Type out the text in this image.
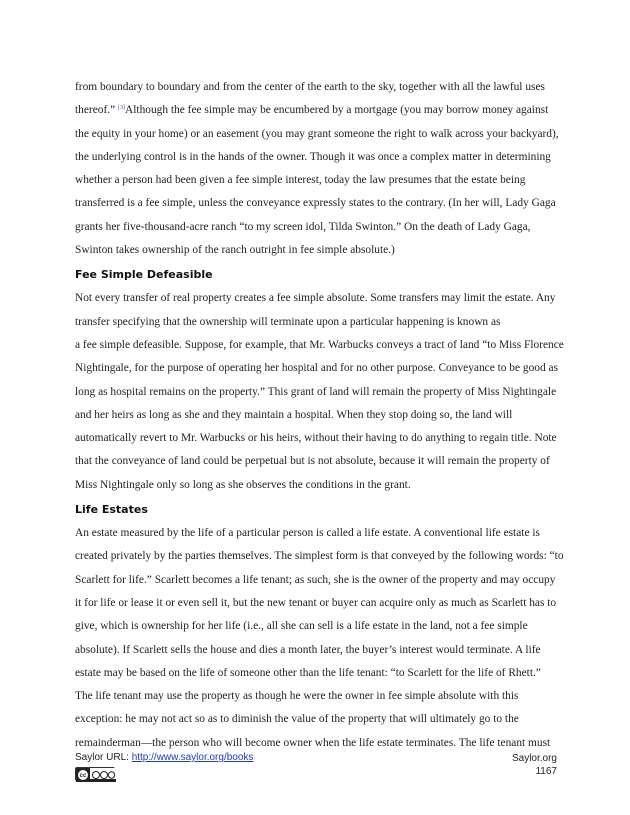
from boundary to boundary and from the center of the earth to the sky, together with all the lawful uses

thereof.” [3]Although the fee simple may be encumbered by a mortgage (you may borrow money against

the equity in your home) or an easement (you may grant someone the right to walk across your backyard),

the underlying control is in the hands of the owner. Though it was once a complex matter in determining

whether a person had been given a fee simple interest, today the law presumes that the estate being

transferred is a fee simple, unless the conveyance expressly states to the contrary. (In her will, Lady Gaga

grants her five-thousand-acre ranch “to my screen idol, Tilda Swinton.” On the death of Lady Gaga,

Swinton takes ownership of the ranch outright in fee simple absolute.)

Fee Simple Defeasible

Not every transfer of real property creates a fee simple absolute. Some transfers may limit the estate. Any

transfer specifying that the ownership will terminate upon a particular happening is known as

a fee simple defeasible. Suppose, for example, that Mr. Warbucks conveys a tract of land “to Miss Florence

Nightingale, for the purpose of operating her hospital and for no other purpose. Conveyance to be good as

long as hospital remains on the property.” This grant of land will remain the property of Miss Nightingale

and her heirs as long as she and they maintain a hospital. When they stop doing so, the land will

automatically revert to Mr. Warbucks or his heirs, without their having to do anything to regain title. Note

that the conveyance of land could be perpetual but is not absolute, because it will remain the property of

Miss Nightingale only so long as she observes the conditions in the grant.

Life Estates

An estate measured by the life of a particular person is called a life estate. A conventional life estate is

created privately by the parties themselves. The simplest form is that conveyed by the following words: “to

Scarlett for life.” Scarlett becomes a life tenant; as such, she is the owner of the property and may occupy

it for life or lease it or even sell it, but the new tenant or buyer can acquire only as much as Scarlett has to

give, which is ownership for her life (i.e., all she can sell is a life estate in the land, not a fee simple

absolute). If Scarlett sells the house and dies a month later, the buyer’s interest would terminate. A life

estate may be based on the life of someone other than the life tenant: “to Scarlett for the life of Rhett.”

The life tenant may use the property as though he were the owner in fee simple absolute with this

exception: he may not act so as to diminish the value of the property that will ultimately go to the

remainderman—the person who will become owner when the life estate terminates. The life tenant must

Saylor URL: http://www.saylor.org/books	Saylor.org
1167
cc
